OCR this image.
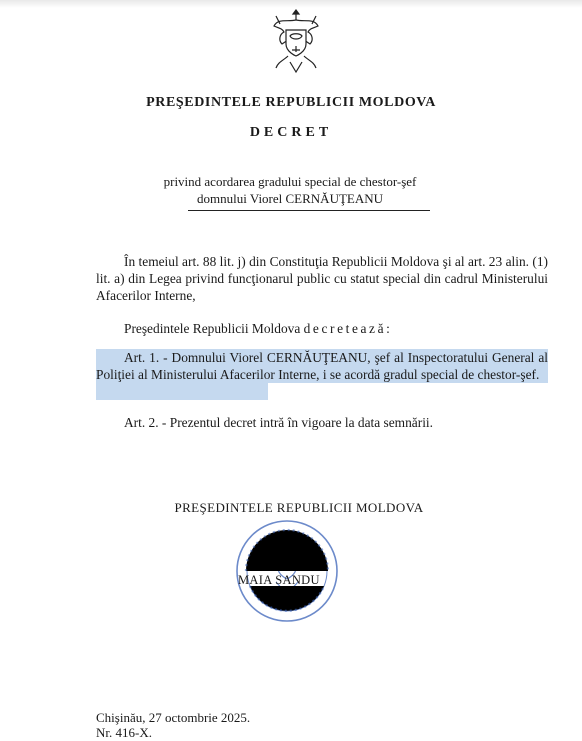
PREŞEDINTELE REPUBLICII MOLDOVA
DECRET
privind acordarea gradului special de chestor-şef
domnului Viorel CERNĂUŢEANU
În temeiul art. 88 lit. j) din Constituţia Republicii Moldova şi al art. 23 alin. (1) lit. a) din Legea privind funcţionarul public cu statut special din cadrul Ministerului Afacerilor Interne,
Preşedintele Republicii Moldova decretează:
Art. 1. - Domnului Viorel CERNĂUŢEANU, şef al Inspectoratului General al Poliţiei al Ministerului Afacerilor Interne, i se acordă gradul special de chestor-şef.
Art. 2. - Prezentul decret intră în vigoare la data semnării.
PREŞEDINTELE REPUBLICII MOLDOVA
MAIA SANDU
Chişinău, 27 octombrie 2025.
Nr. 416-X.
